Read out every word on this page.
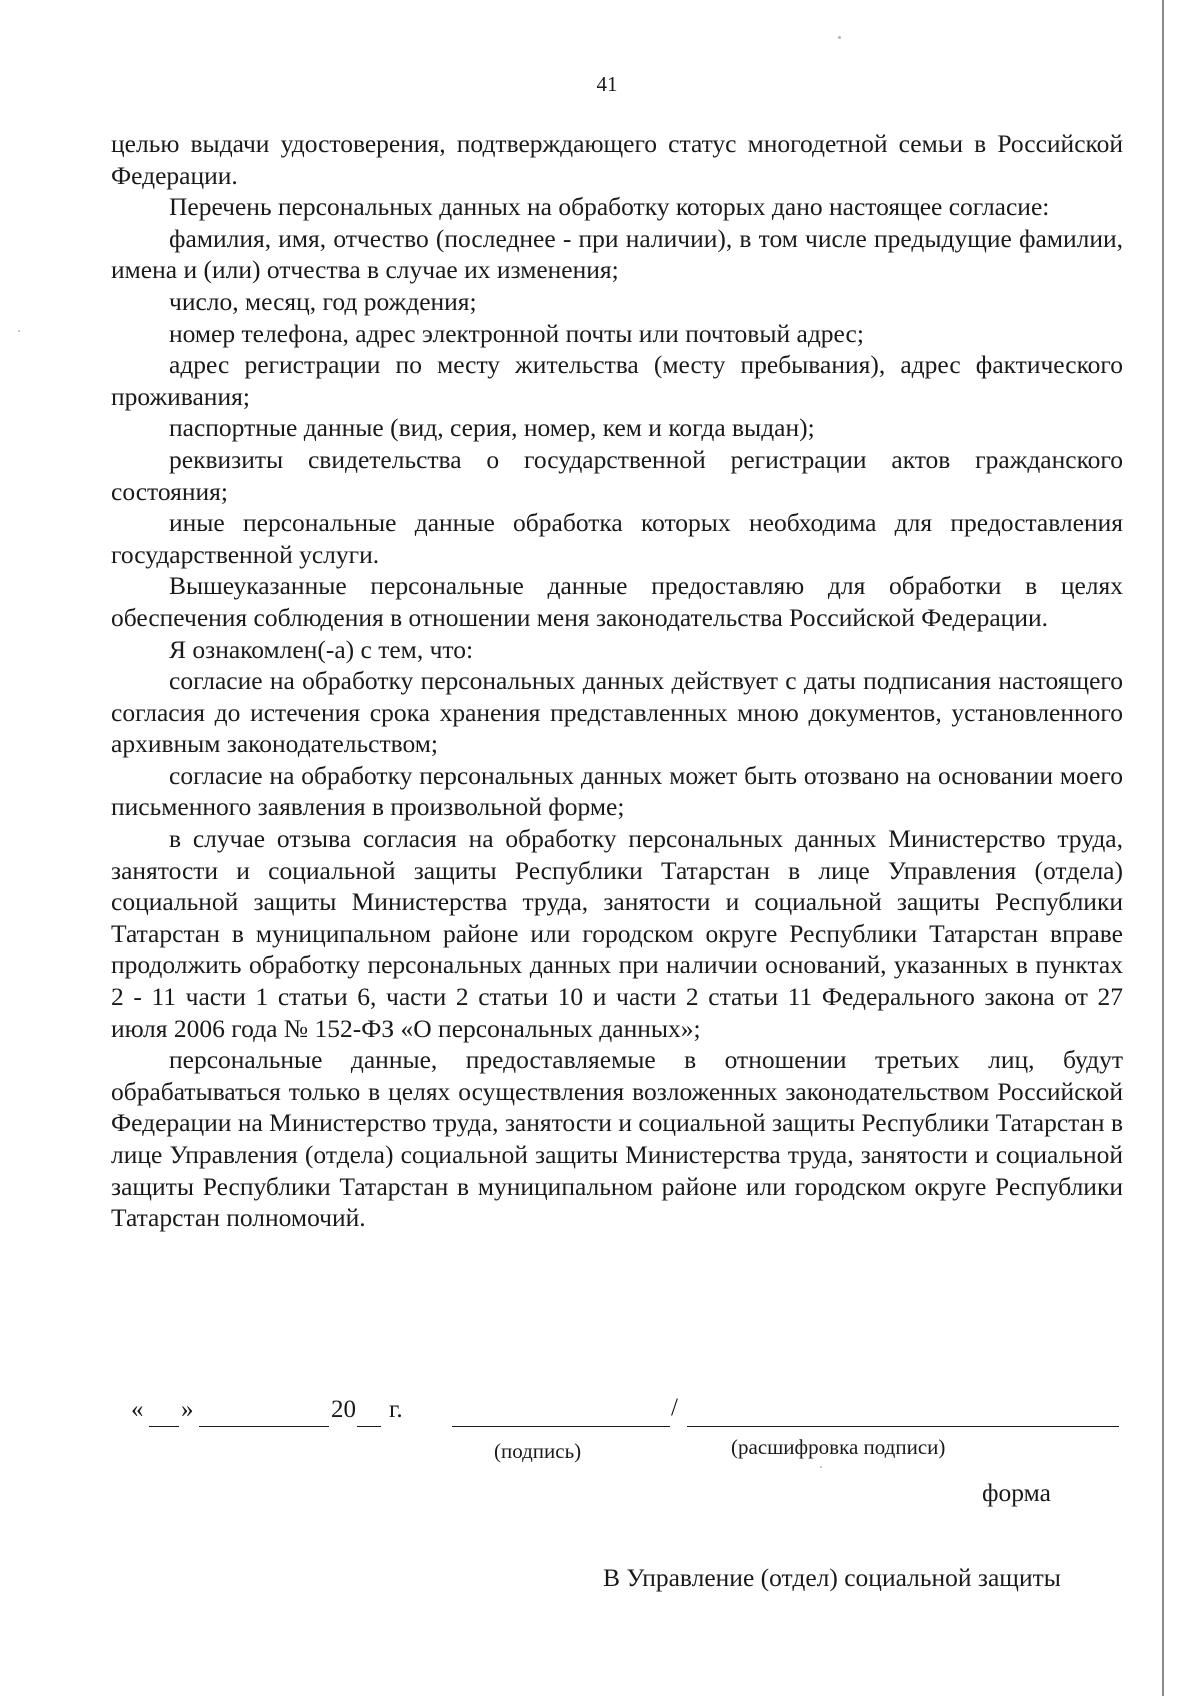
41

целью выдачи удостоверения, подтверждающего статус многодетной семьи в Российской Федерации.

Перечень персональных данных на обработку которых дано настоящее согласие:

фамилия, имя, отчество (последнее - при наличии), в том числе предыдущие фамилии, имена и (или) отчества в случае их изменения;

число, месяц, год рождения;

номер телефона, адрес электронной почты или почтовый адрес;

адрес регистрации по месту жительства (месту пребывания), адрес фактического проживания;

паспортные данные (вид, серия, номер, кем и когда выдан);

реквизиты свидетельства о государственной регистрации актов гражданского состояния;

иные персональные данные обработка которых необходима для предоставления государственной услуги.

Вышеуказанные персональные данные предоставляю для обработки в целях обеспечения соблюдения в отношении меня законодательства Российской Федерации.

Я ознакомлен(-а) с тем, что:

согласие на обработку персональных данных действует с даты подписания настоящего согласия до истечения срока хранения представленных мною документов, установленного архивным законодательством;

согласие на обработку персональных данных может быть отозвано на основании моего письменного заявления в произвольной форме;

в случае отзыва согласия на обработку персональных данных Министерство труда, занятости и социальной защиты Республики Татарстан в лице Управления (отдела) социальной защиты Министерства труда, занятости и социальной защиты Республики Татарстан в муниципальном районе или городском округе Республики Татарстан вправе продолжить обработку персональных данных при наличии оснований, указанных в пунктах 2 - 11 части 1 статьи 6, части 2 статьи 10 и части 2 статьи 11 Федерального закона от 27 июля 2006 года № 152-ФЗ «О персональных данных»;

персональные данные, предоставляемые в отношении третьих лиц, будут обрабатываться только в целях осуществления возложенных законодательством Российской Федерации на Министерство труда, занятости и социальной защиты Республики Татарстан в лице Управления (отдела) социальной защиты Министерства труда, занятости и социальной защиты Республики Татарстан в муниципальном районе или городском округе Республики Татарстан полномочий.

« »	20 г.	/
(подпись)	(расшифровка подписи)
форма
В Управление (отдел) социальной защиты
